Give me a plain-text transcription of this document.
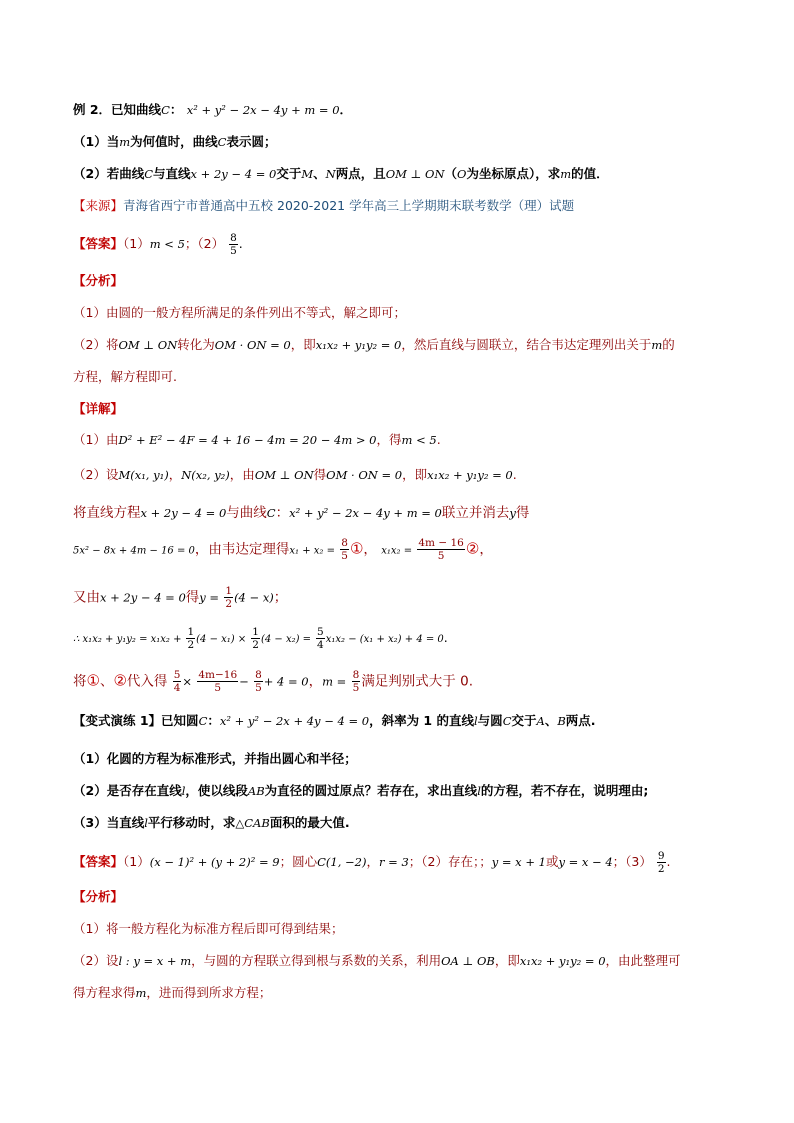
例 2．已知曲线C： x² + y² − 2x − 4y + m = 0．
（1）当m为何值时，曲线C表示圆；
（2）若曲线C与直线x + 2y − 4 = 0交于M、N两点，且OM ⊥ ON（O为坐标原点），求m的值．
【来源】青海省西宁市普通高中五校 2020-2021 学年高三上学期期末联考数学（理）试题
【答案】（1）m < 5；$(2) \frac{8}{5}$ .
【分析】
（1）由圆的一般方程所满足的条件列出不等式，解之即可；
（2）将OM ⊥ ON转化为OM · ON = 0，即x₁x₂ + y₁y₂ = 0，然后直线与圆联立，结合韦达定理列出关于m的
方程，解方程即可.
【详解】
（1）由D² + E² − 4F = 4 + 16 − 4m = 20 − 4m > 0，得m < 5.
（2）设M(x₁, y₁)，N(x₂, y₂)，由OM ⊥ ON得OM · ON = 0，即x₁x₂ + y₁y₂ = 0.
将直线方程x + 2y − 4 = 0与曲线C：x² + y² − 2x − 4y + m = 0联立并消去y得
5x² − 8x + 4m − 16 = 0，由韦达定理得$x_1 + x_2 = \frac{8}{5}$ ①， $x_1x_2 = \frac{4m - 16}{5}$ ②，
又由x + 2y − 4 = 0得$y = \frac{1}{2} (4 - x)$；
∴ $x_1x_2 + y_1y_2 = x_1x_2 + \frac{1}{2} (4 - x_1) \times \frac{1}{2} (4 - x_2) = \frac{5}{4} x_1x_2 - (x_1 + x_2) + 4 = 0$.
将①、②代入得 $\frac{5}{4} \times \frac{4m-16}{5} - \frac{8}{5} + 4 = 0$，$m = \frac{8}{5}$ 满足判别式大于 0.
【变式演练 1】已知圆C：x² + y² − 2x + 4y − 4 = 0，斜率为 1 的直线l与圆C交于A、B两点.
（1）化圆的方程为标准形式，并指出圆心和半径；
（2）是否存在直线l，使以线段AB为直径的圆过原点？若存在，求出直线l的方程，若不存在，说明理由;
（3）当直线l平行移动时，求△CAB面积的最大值.
【答案】（1）(x − 1)² + (y + 2)² = 9；圆心C(1, −2)，r = 3；（2）存在；；y = x + 1或y = x − 4；$(3) \frac{9}{2}$ .
【分析】
（1）将一般方程化为标准方程后即可得到结果；
（2）设l : y = x + m，与圆的方程联立得到根与系数的关系，利用OA ⊥ OB，即x₁x₂ + y₁y₂ = 0，由此整理可
得方程求得m，进而得到所求方程；
